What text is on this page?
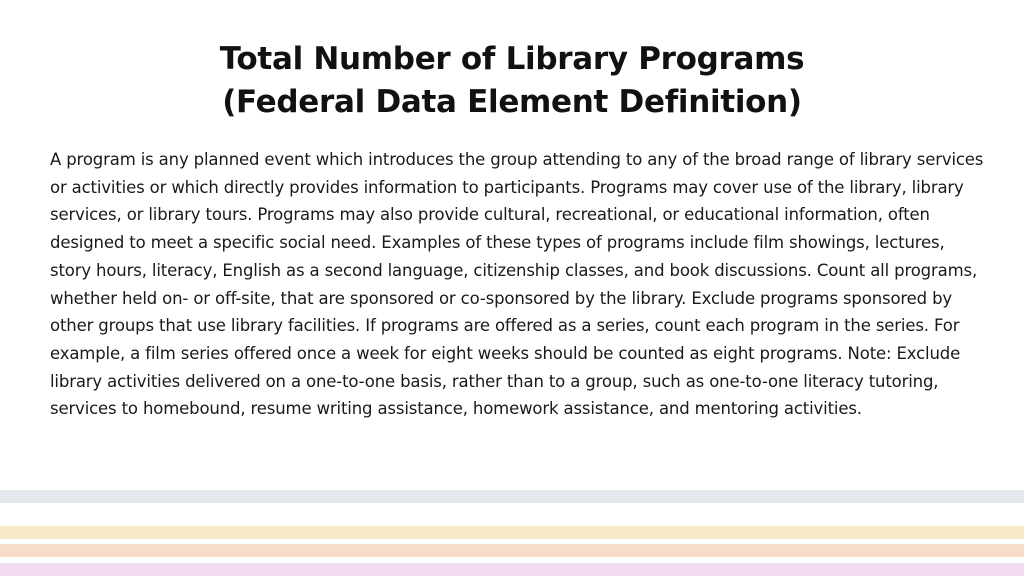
Total Number of Library Programs
(Federal Data Element Definition)

A program is any planned event which introduces the group attending to any of the broad range of library services or activities or which directly provides information to participants. Programs may cover use of the library, library services, or library tours. Programs may also provide cultural, recreational, or educational information, often designed to meet a specific social need. Examples of these types of programs include film showings, lectures, story hours, literacy, English as a second language, citizenship classes, and book discussions. Count all programs, whether held on- or off-site, that are sponsored or co-sponsored by the library. Exclude programs sponsored by other groups that use library facilities. If programs are offered as a series, count each program in the series. For example, a film series offered once a week for eight weeks should be counted as eight programs. Note: Exclude library activities delivered on a one-to-one basis, rather than to a group, such as one-to-one literacy tutoring, services to homebound, resume writing assistance, homework assistance, and mentoring activities.
